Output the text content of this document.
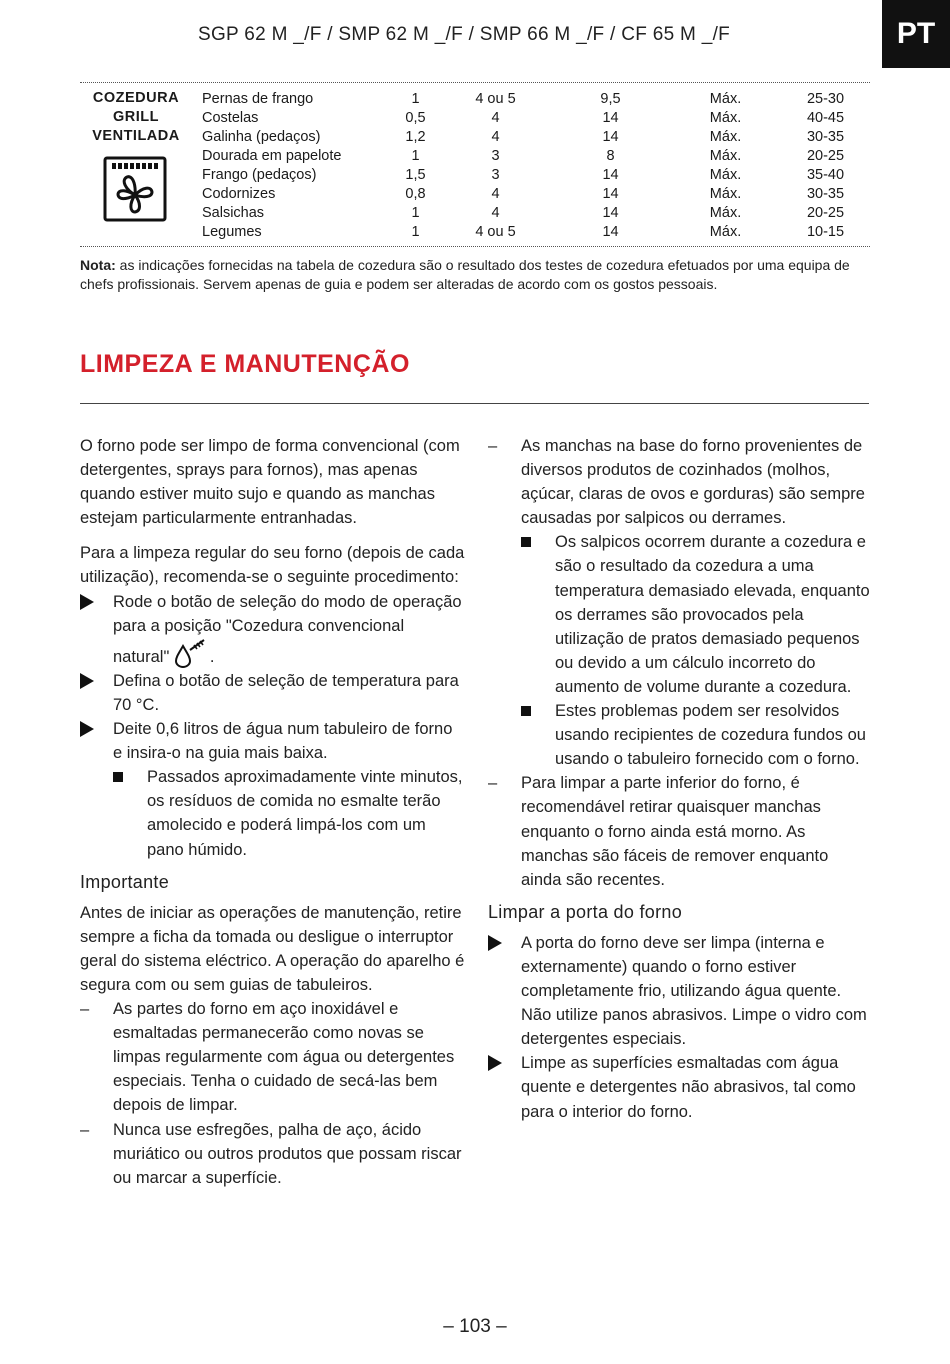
SGP 62 M _/F / SMP 62 M _/F / SMP 66 M _/F / CF 65 M _/F	PT
COZEDURA
GRILL
VENTILADA
Pernas de frango	1	4 ou 5	9,5	Máx.	25-30
Costelas	0,5	4	14	Máx.	40-45
Galinha (pedaços)	1,2	4	14	Máx.	30-35
Dourada em papelote	1	3	8	Máx.	20-25
Frango (pedaços)	1,5	3	14	Máx.	35-40
Codornizes	0,8	4	14	Máx.	30-35
Salsichas	1	4	14	Máx.	20-25
Legumes	1	4 ou 5	14	Máx.	10-15
Nota: as indicações fornecidas na tabela de cozedura são o resultado dos testes de cozedura efetuados por uma equipa de chefs profissionais. Servem apenas de guia e podem ser alteradas de acordo com os gostos pessoais.
LIMPEZA E MANUTENÇÃO
O forno pode ser limpo de forma convencional (com detergentes, sprays para fornos), mas apenas quando estiver muito sujo e quando as manchas estejam particularmente entranhadas.
Para a limpeza regular do seu forno (depois de cada utilização), recomenda-se o seguinte procedimento:
Rode o botão de seleção do modo de operação para a posição "Cozedura convencional natural" .
Defina o botão de seleção de temperatura para 70 °C.
Deite 0,6 litros de água num tabuleiro de forno e insira-o na guia mais baixa.
Passados aproximadamente vinte minutos, os resíduos de comida no esmalte terão amolecido e poderá limpá-los com um pano húmido.
Importante
Antes de iniciar as operações de manutenção, retire sempre a ficha da tomada ou desligue o interruptor geral do sistema eléctrico. A operação do aparelho é segura com ou sem guias de tabuleiros.
– As partes do forno em aço inoxidável e esmaltadas permanecerão como novas se limpas regularmente com água ou detergentes especiais. Tenha o cuidado de secá-las bem depois de limpar.
– Nunca use esfregões, palha de aço, ácido muriático ou outros produtos que possam riscar ou marcar a superfície.
– As manchas na base do forno provenientes de diversos produtos de cozinhados (molhos, açúcar, claras de ovos e gorduras) são sempre causadas por salpicos ou derrames.
Os salpicos ocorrem durante a cozedura e são o resultado da cozedura a uma temperatura demasiado elevada, enquanto os derrames são provocados pela utilização de pratos demasiado pequenos ou devido a um cálculo incorreto do aumento de volume durante a cozedura.
Estes problemas podem ser resolvidos usando recipientes de cozedura fundos ou usando o tabuleiro fornecido com o forno.
– Para limpar a parte inferior do forno, é recomendável retirar quaisquer manchas enquanto o forno ainda está morno. As manchas são fáceis de remover enquanto ainda são recentes.
Limpar a porta do forno
A porta do forno deve ser limpa (interna e externamente) quando o forno estiver completamente frio, utilizando água quente. Não utilize panos abrasivos. Limpe o vidro com detergentes especiais.
Limpe as superfícies esmaltadas com água quente e detergentes não abrasivos, tal como para o interior do forno.
– 103 –
